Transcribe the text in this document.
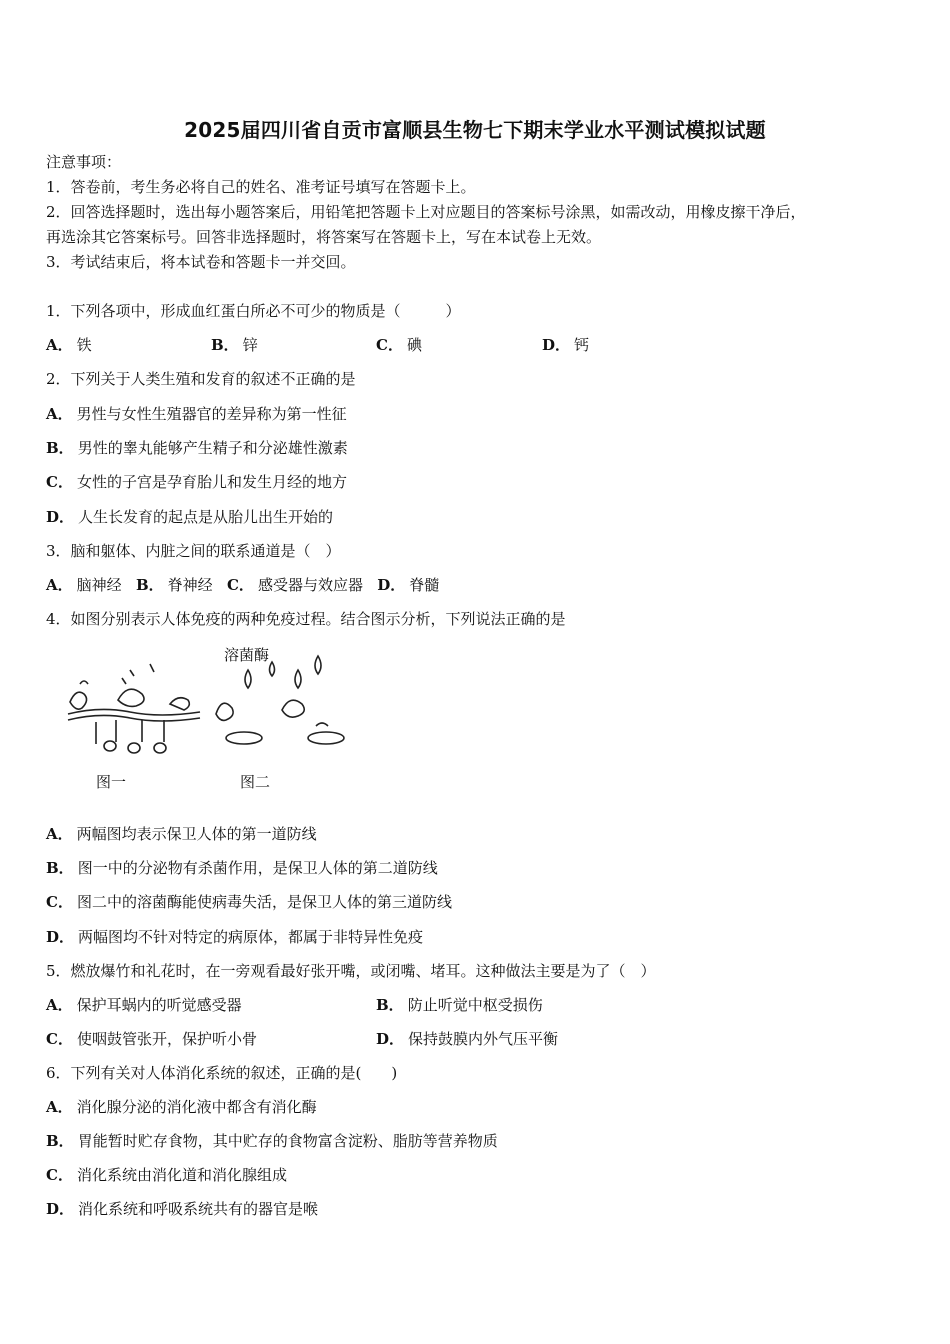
2025届四川省自贡市富顺县生物七下期末学业水平测试模拟试题
注意事项：
1．答卷前，考生务必将自己的姓名、准考证号填写在答题卡上。
2．回答选择题时，选出每小题答案后，用铅笔把答题卡上对应题目的答案标号涂黑，如需改动，用橡皮擦干净后，
再选涂其它答案标号。回答非选择题时，将答案写在答题卡上，写在本试卷上无效。
3．考试结束后，将本试卷和答题卡一并交回。
1．下列各项中，形成血红蛋白所必不可少的物质是（　　　）
A． 铁	B． 锌	C． 碘	D． 钙
2．下列关于人类生殖和发育的叙述不正确的是
A． 男性与女性生殖器官的差异称为第一性征
B． 男性的睾丸能够产生精子和分泌雄性激素
C． 女性的子宫是孕育胎儿和发生月经的地方
D． 人生长发育的起点是从胎儿出生开始的
3．脑和躯体、内脏之间的联系通道是（　）
A． 脑神经 B． 脊神经 C． 感受器与效应器 D． 脊髓
4．如图分别表示人体免疫的两种免疫过程。结合图示分析，下列说法正确的是
溶菌酶
图一	图二
A． 两幅图均表示保卫人体的第一道防线
B． 图一中的分泌物有杀菌作用，是保卫人体的第二道防线
C． 图二中的溶菌酶能使病毒失活，是保卫人体的第三道防线
D． 两幅图均不针对特定的病原体，都属于非特异性免疫
5．燃放爆竹和礼花时，在一旁观看最好张开嘴，或闭嘴、堵耳。这种做法主要是为了（　）
A． 保护耳蜗内的听觉感受器	B． 防止听觉中枢受损伤
C． 使咽鼓管张开，保护听小骨	D． 保持鼓膜内外气压平衡
6．下列有关对人体消化系统的叙述，正确的是(　　)
A． 消化腺分泌的消化液中都含有消化酶
B． 胃能暂时贮存食物，其中贮存的食物富含淀粉、脂肪等营养物质
C． 消化系统由消化道和消化腺组成
D． 消化系统和呼吸系统共有的器官是喉
